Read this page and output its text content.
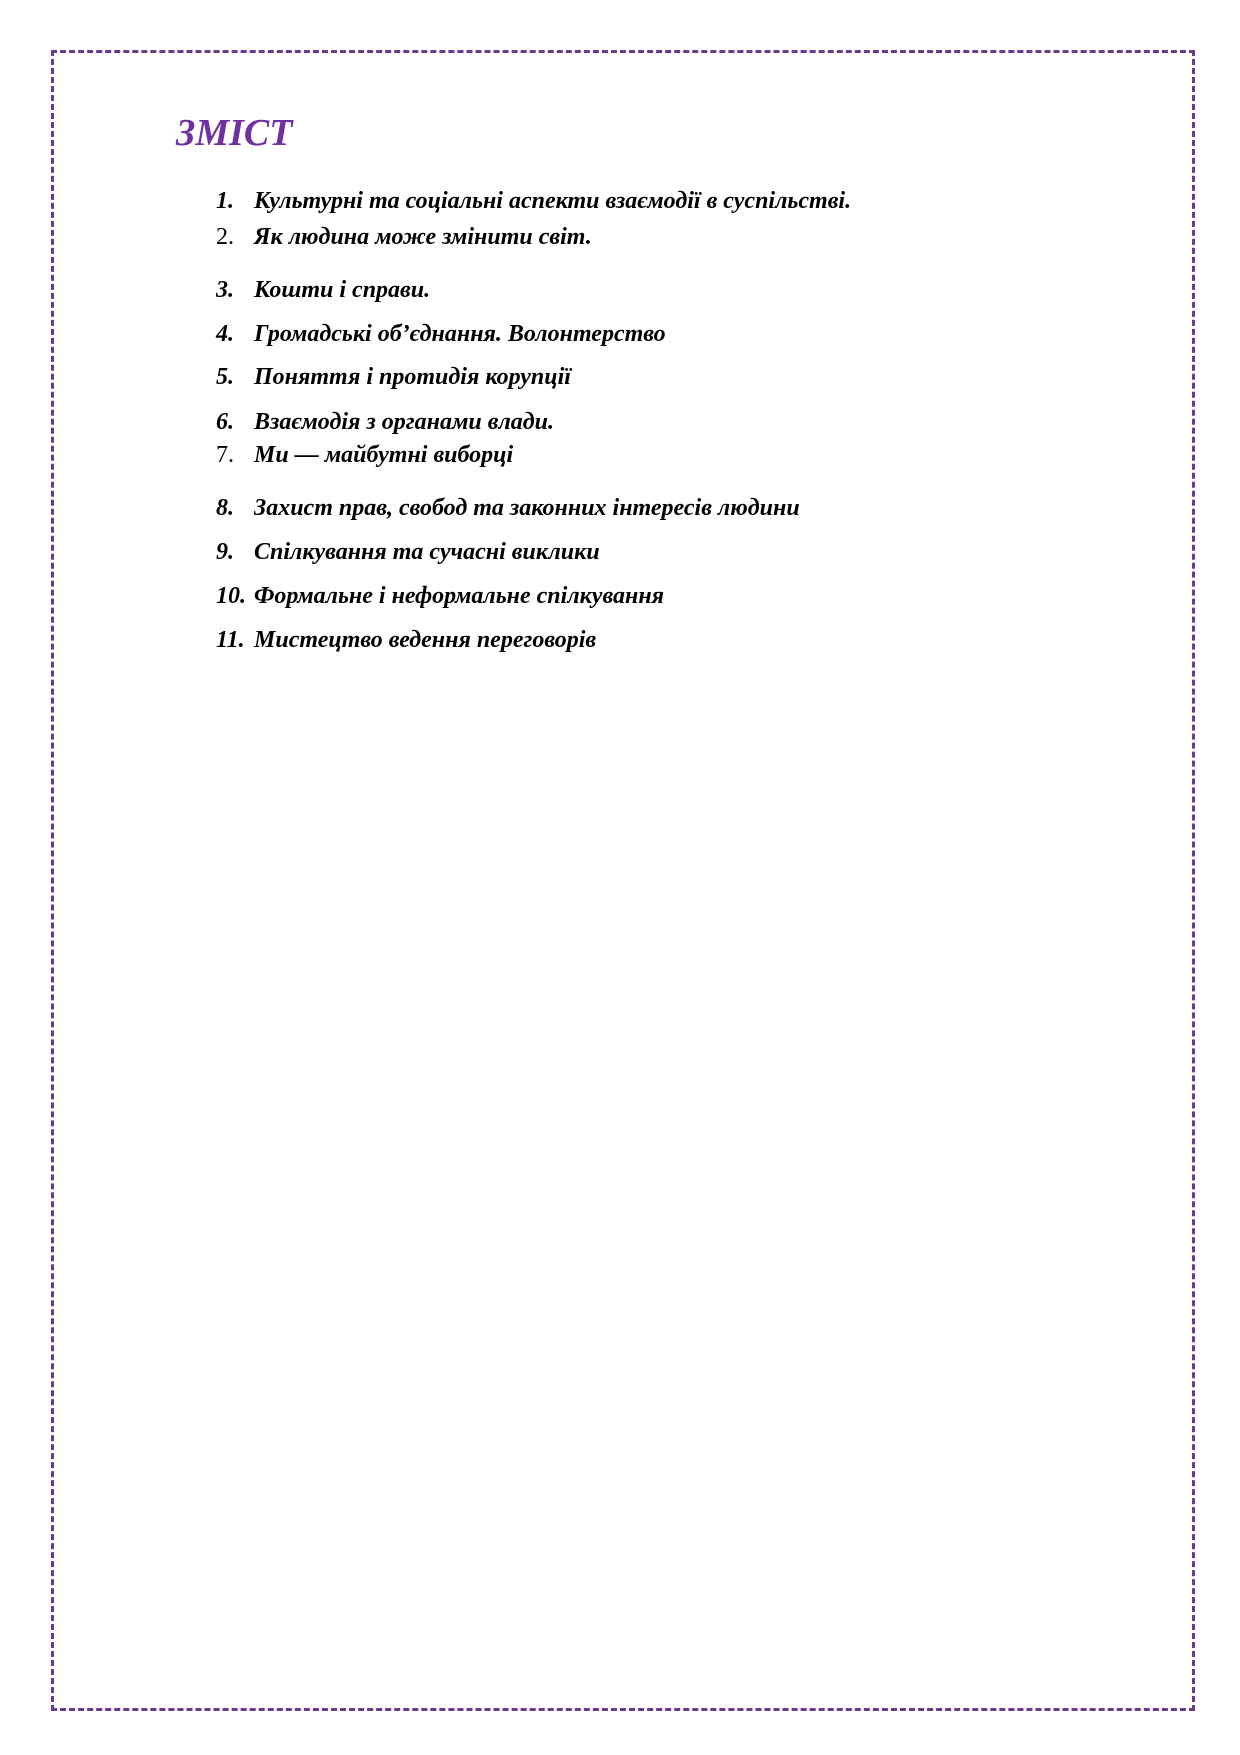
ЗМІСТ
1. Культурні та соціальні аспекти взаємодії в суспільстві.
2. Як людина може змінити світ.
3. Кошти і справи.
4. Громадські об’єднання. Волонтерство
5. Поняття і протидія корупції
6. Взаємодія з органами влади.
7. Ми — майбутні виборці
8. Захист прав, свобод та законних інтересів людини
9. Спілкування та сучасні виклики
10. Формальне і неформальне спілкування
11. Мистецтво ведення переговорів
